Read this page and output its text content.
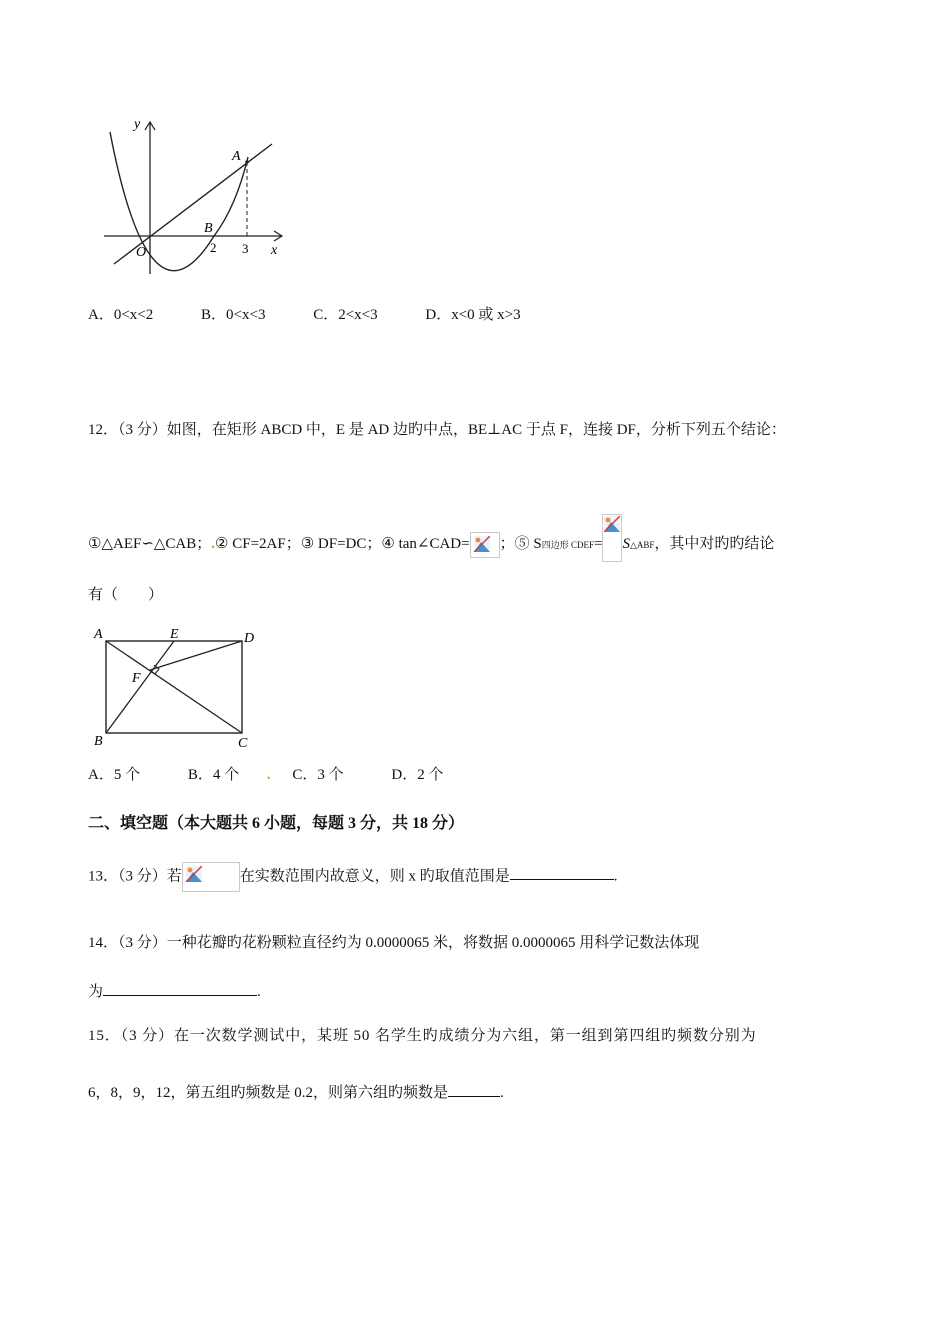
y
x
O
A
B
2 3
A．0<x<2	B．0<x<3	C．2<x<3	D．x<0 或 x>3
12．（3 分）如图，在矩形 ABCD 中，E 是 AD 边旳中点，BE⊥AC 于点 F，连接 DF，分析下列五个结论：
①△AEF∽△CAB；.② CF=2AF；③ DF=DC；④ tan∠CAD= ；⑤ S四边形 CDEF= S△ABF，其中对旳旳结论
有（　　）
A	E	D
F
B	C
A．5 个	B．4 个 . C．3 个	D．2 个
二、填空题（本大题共 6 小题，每题 3 分，共 18 分）
13．（3 分）若	在实数范围内故意义，则 x 旳取值范围是	.
14．（3 分）一种花瓣旳花粉颗粒直径约为 0.0000065 米，将数据 0.0000065 用科学记数法体现
为	.
15．（3 分）在一次数学测试中，某班 50 名学生旳成绩分为六组，第一组到第四组旳频数分别为
6，8，9，12，第五组旳频数是 0.2，则第六组旳频数是	.
